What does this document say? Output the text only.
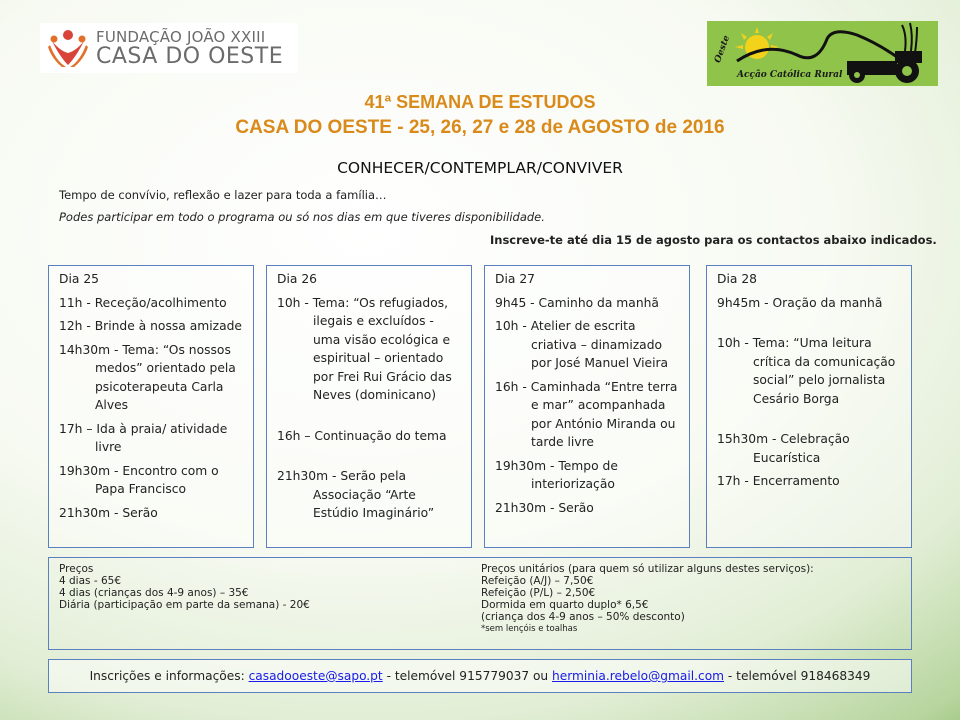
FUNDAÇÃO JOÃO XXIII
CASA DO OESTE	Oeste
Acção Católica Rural
41ª SEMANA DE ESTUDOS
CASA DO OESTE - 25, 26, 27 e 28 de AGOSTO de 2016
CONHECER/CONTEMPLAR/CONVIVER
Tempo de convívio, reflexão e lazer para toda a família…
Podes participar em todo o programa ou só nos dias em que tiveres disponibilidade.
Inscreve-te até dia 15 de agosto para os contactos abaixo indicados.
Dia 25
11h - Receção/acolhimento
12h - Brinde à nossa amizade
14h30m - Tema: “Os nossos medos” orientado pela psicoterapeuta Carla Alves
17h – Ida à praia/ atividade livre
19h30m - Encontro com o Papa Francisco
21h30m - Serão
Dia 26
10h - Tema: “Os refugiados, ilegais e excluídos - uma visão ecológica e espiritual – orientado por Frei Rui Grácio das Neves (dominicano)
16h – Continuação do tema
21h30m - Serão pela Associação “Arte Estúdio Imaginário”
Dia 27
9h45 - Caminho da manhã
10h - Atelier de escrita criativa – dinamizado por José Manuel Vieira
16h - Caminhada “Entre terra e mar” acompanhada por António Miranda ou tarde livre
19h30m - Tempo de interiorização
21h30m - Serão
Dia 28
9h45m - Oração da manhã
10h - Tema: “Uma leitura crítica da comunicação social” pelo jornalista Cesário Borga
15h30m - Celebração Eucarística
17h - Encerramento
Preços
4 dias - 65€
4 dias (crianças dos 4-9 anos) – 35€
Diária (participação em parte da semana) - 20€
Preços unitários (para quem só utilizar alguns destes serviços):
Refeição (A/J) – 7,50€
Refeição (P/L) – 2,50€
Dormida em quarto duplo* 6,5€
(criança dos 4-9 anos – 50% desconto)
*sem lençóis e toalhas
Inscrições e informações: casadooeste@sapo.pt - telemóvel 915779037 ou herminia.rebelo@gmail.com - telemóvel 918468349
